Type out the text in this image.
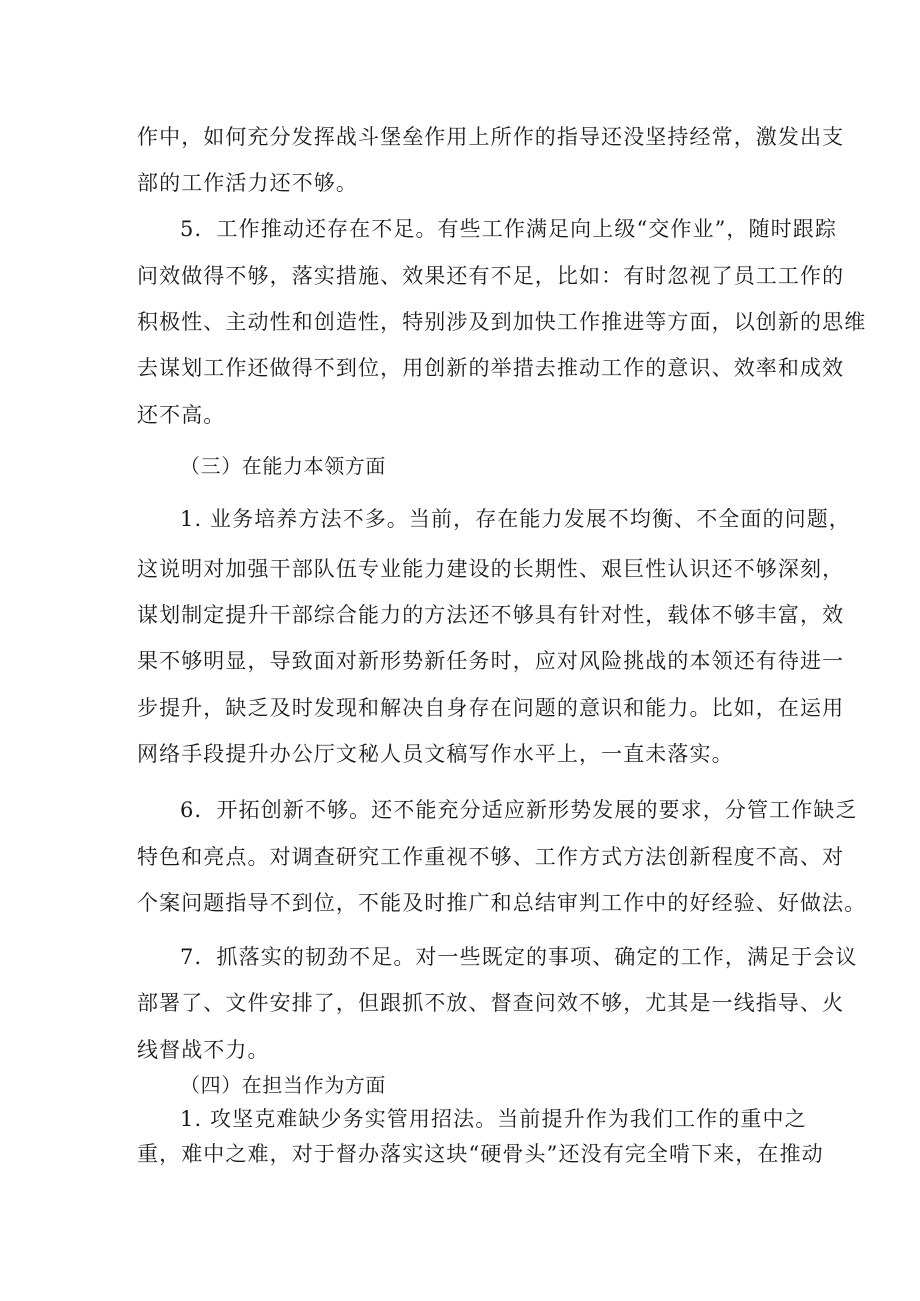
作中，如何充分发挥战斗堡垒作用上所作的指导还没坚持经常，激发出支

部的工作活力还不够。

5．工作推动还存在不足。有些工作满足向上级“交作业”，随时跟踪

问效做得不够，落实措施、效果还有不足，比如：有时忽视了员工工作的

积极性、主动性和创造性，特别涉及到加快工作推进等方面，以创新的思维

去谋划工作还做得不到位，用创新的举措去推动工作的意识、效率和成效

还不高。

（三）在能力本领方面

1. 业务培养方法不多。当前，存在能力发展不均衡、不全面的问题，

这说明对加强干部队伍专业能力建设的长期性、艰巨性认识还不够深刻，

谋划制定提升干部综合能力的方法还不够具有针对性，载体不够丰富，效

果不够明显，导致面对新形势新任务时，应对风险挑战的本领还有待进一

步提升，缺乏及时发现和解决自身存在问题的意识和能力。比如，在运用

网络手段提升办公厅文秘人员文稿写作水平上，一直未落实。

6．开拓创新不够。还不能充分适应新形势发展的要求，分管工作缺乏

特色和亮点。对调查研究工作重视不够、工作方式方法创新程度不高、对

个案问题指导不到位，不能及时推广和总结审判工作中的好经验、好做法。

7．抓落实的韧劲不足。对一些既定的事项、确定的工作，满足于会议

部署了、文件安排了，但跟抓不放、督查问效不够，尤其是一线指导、火

线督战不力。

（四）在担当作为方面

1. 攻坚克难缺少务实管用招法。当前提升作为我们工作的重中之

重，难中之难，对于督办落实这块“硬骨头”还没有完全啃下来，在推动
